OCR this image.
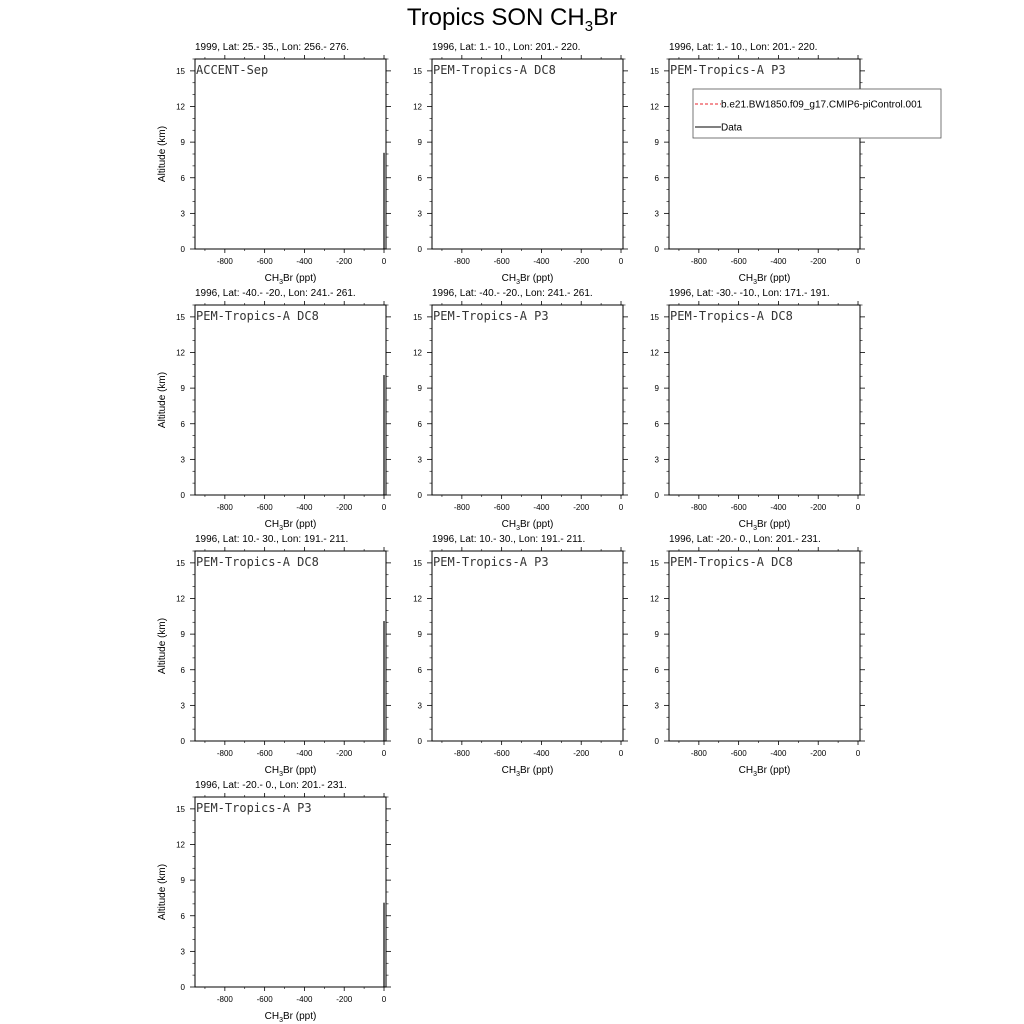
Tropics SON $CH_3Br$
-800	-600	-400	-200	0
0
3
6
9
12
15
1999, Lat: 25.- 35., Lon: 256.- 276.
ACCENT-Sep
$CH_3Br$ (ppt)
Altitude (km)
-800	-600	-400	-200	0
0
3
6
9
12
15
1996, Lat: 1.- 10., Lon: 201.- 220.
PEM-Tropics-A DC8
$CH_3Br$ (ppt)
-800	-600	-400	-200	0
0
3
6
9
12
15
1996, Lat: 1.- 10., Lon: 201.- 220.
PEM-Tropics-A P3
$CH_3Br$ (ppt)
-800	-600	-400	-200	0
0
3
6
9
12
15
1996, Lat: -40.- -20., Lon: 241.- 261.
PEM-Tropics-A DC8
$CH_3Br$ (ppt)
Altitude (km)
-800	-600	-400	-200	0
0
3
6
9
12
15
1996, Lat: -40.- -20., Lon: 241.- 261.
PEM-Tropics-A P3
$CH_3Br$ (ppt)
-800	-600	-400	-200	0
0
3
6
9
12
15
1996, Lat: -30.- -10., Lon: 171.- 191.
PEM-Tropics-A DC8
$CH_3Br$ (ppt)
-800	-600	-400	-200	0
0
3
6
9
12
15
1996, Lat: 10.- 30., Lon: 191.- 211.
PEM-Tropics-A DC8
$CH_3Br$ (ppt)
Altitude (km)
-800	-600	-400	-200	0
0
3
6
9
12
15
1996, Lat: 10.- 30., Lon: 191.- 211.
PEM-Tropics-A P3
$CH_3Br$ (ppt)
-800	-600	-400	-200	0
0
3
6
9
12
15
1996, Lat: -20.- 0., Lon: 201.- 231.
PEM-Tropics-A DC8
$CH_3Br$ (ppt)
-800	-600	-400	-200	0
0
3
6
9
12
15
1996, Lat: -20.- 0., Lon: 201.- 231.
PEM-Tropics-A P3
$CH_3Br$ (ppt)
Altitude (km)
b.e21.BW1850.f09_g17.CMIP6-piControl.001
Data
